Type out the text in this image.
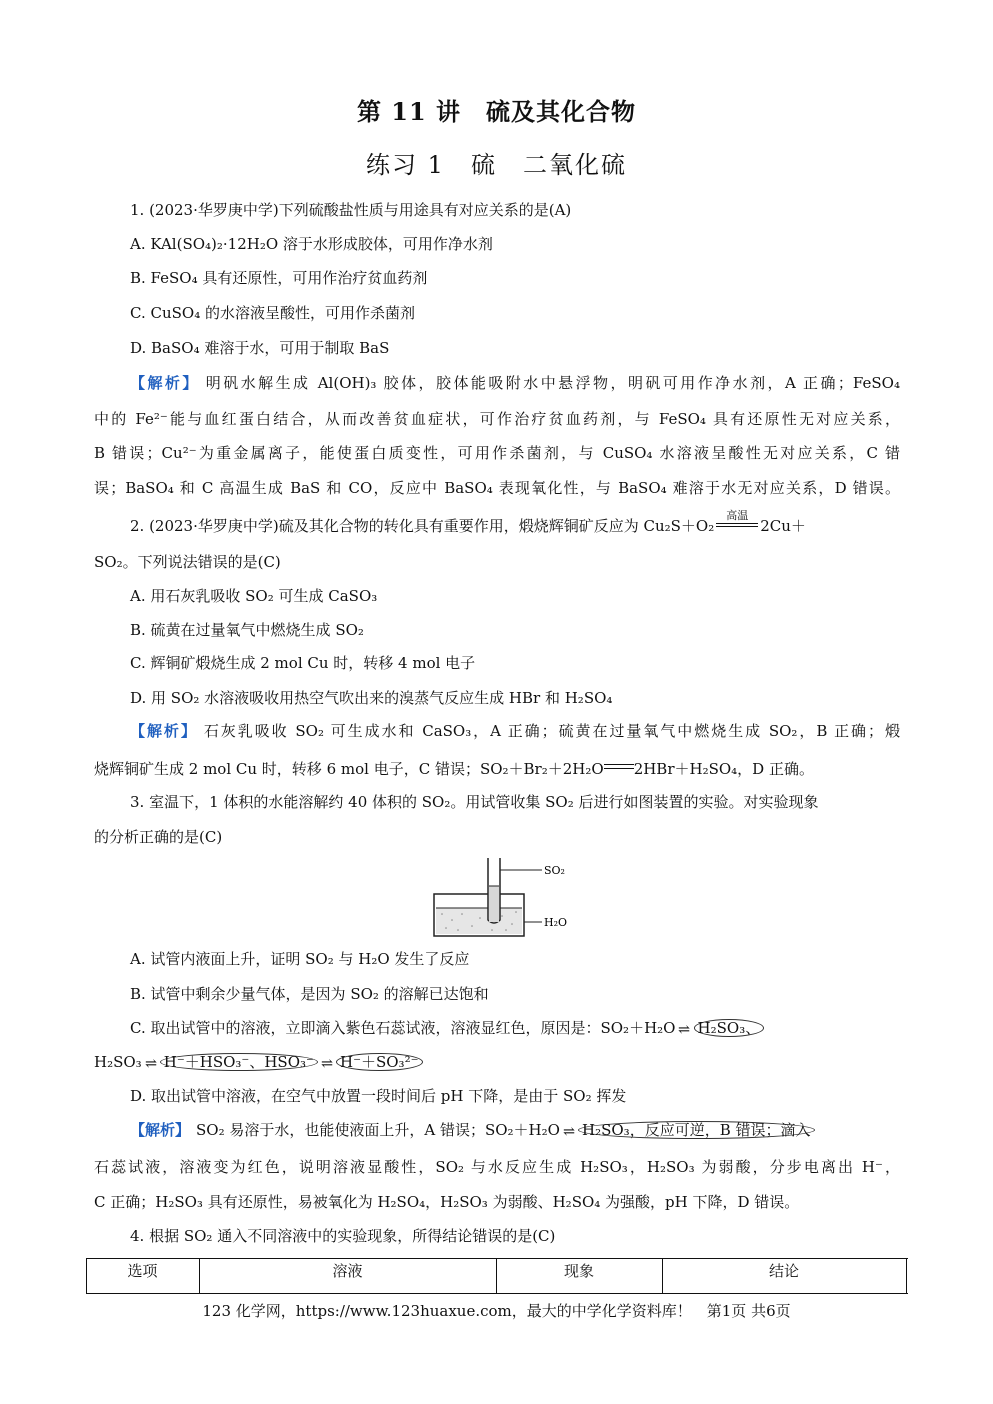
第 11 讲　硫及其化合物
练习 1　硫　二氧化硫
1. (2023·华罗庚中学)下列硫酸盐性质与用途具有对应关系的是(A)
A. KAl(SO₄)₂·12H₂O 溶于水形成胶体，可用作净水剂
B. FeSO₄ 具有还原性，可用作治疗贫血药剂
C. CuSO₄ 的水溶液呈酸性，可用作杀菌剂
D. BaSO₄ 难溶于水，可用于制取 BaS
【解析】 明矾水解生成 Al(OH)₃ 胶体，胶体能吸附水中悬浮物，明矾可用作净水剂，A 正确；FeSO₄
中的 Fe²⁻能与血红蛋白结合，从而改善贫血症状，可作治疗贫血药剂，与 FeSO₄ 具有还原性无对应关系，
B 错误；Cu²⁻为重金属离子，能使蛋白质变性，可用作杀菌剂，与 CuSO₄ 水溶液呈酸性无对应关系，C 错
误；BaSO₄ 和 C 高温生成 BaS 和 CO，反应中 BaSO₄ 表现氧化性，与 BaSO₄ 难溶于水无对应关系，D 错误。
2. (2023·华罗庚中学)硫及其化合物的转化具有重要作用，煅烧辉铜矿反应为 Cu₂S＋O₂
高温
2Cu＋
SO₂。下列说法错误的是(C)
A. 用石灰乳吸收 SO₂ 可生成 CaSO₃
B. 硫黄在过量氧气中燃烧生成 SO₂
C. 辉铜矿煅烧生成 2 mol Cu 时，转移 4 mol 电子
D. 用 SO₂ 水溶液吸收用热空气吹出来的溴蒸气反应生成 HBr 和 H₂SO₄
【解析】 石灰乳吸收 SO₂ 可生成水和 CaSO₃，A 正确；硫黄在过量氧气中燃烧生成 SO₂，B 正确；煅
烧辉铜矿生成 2 mol Cu 时，转移 6 mol 电子，C 错误；SO₂＋Br₂＋2H₂O 2HBr＋H₂SO₄，D 正确。
3. 室温下，1 体积的水能溶解约 40 体积的 SO₂。用试管收集 SO₂ 后进行如图装置的实验。对实验现象
的分析正确的是(C)
SO₂
H₂O
A. 试管内液面上升，证明 SO₂ 与 H₂O 发生了反应
B. 试管中剩余少量气体，是因为 SO₂ 的溶解已达饱和
C. 取出试管中的溶液，立即滴入紫色石蕊试液，溶液显红色，原因是：SO₂＋H₂O ⇌ H₂SO₃、
H₂SO₃ ⇌ H⁻＋HSO₃⁻、HSO₃⁻ ⇌ H⁻＋SO₃²⁻
D. 取出试管中溶液，在空气中放置一段时间后 pH 下降，是由于 SO₂ 挥发
【解析】 SO₂ 易溶于水，也能使液面上升，A 错误；SO₂＋H₂O ⇌ H₂SO₃，反应可逆，B 错误；滴入
石蕊试液，溶液变为红色，说明溶液显酸性，SO₂ 与水反应生成 H₂SO₃，H₂SO₃ 为弱酸，分步电离出 H⁻，
C 正确；H₂SO₃ 具有还原性，易被氧化为 H₂SO₄，H₂SO₃ 为弱酸、H₂SO₄ 为强酸，pH 下降，D 错误。
4. 根据 SO₂ 通入不同溶液中的实验现象，所得结论错误的是(C)
选项	溶液	现象	结论
123 化学网，https://www.123huaxue.com，最大的中学化学资料库！　第1页 共6页
